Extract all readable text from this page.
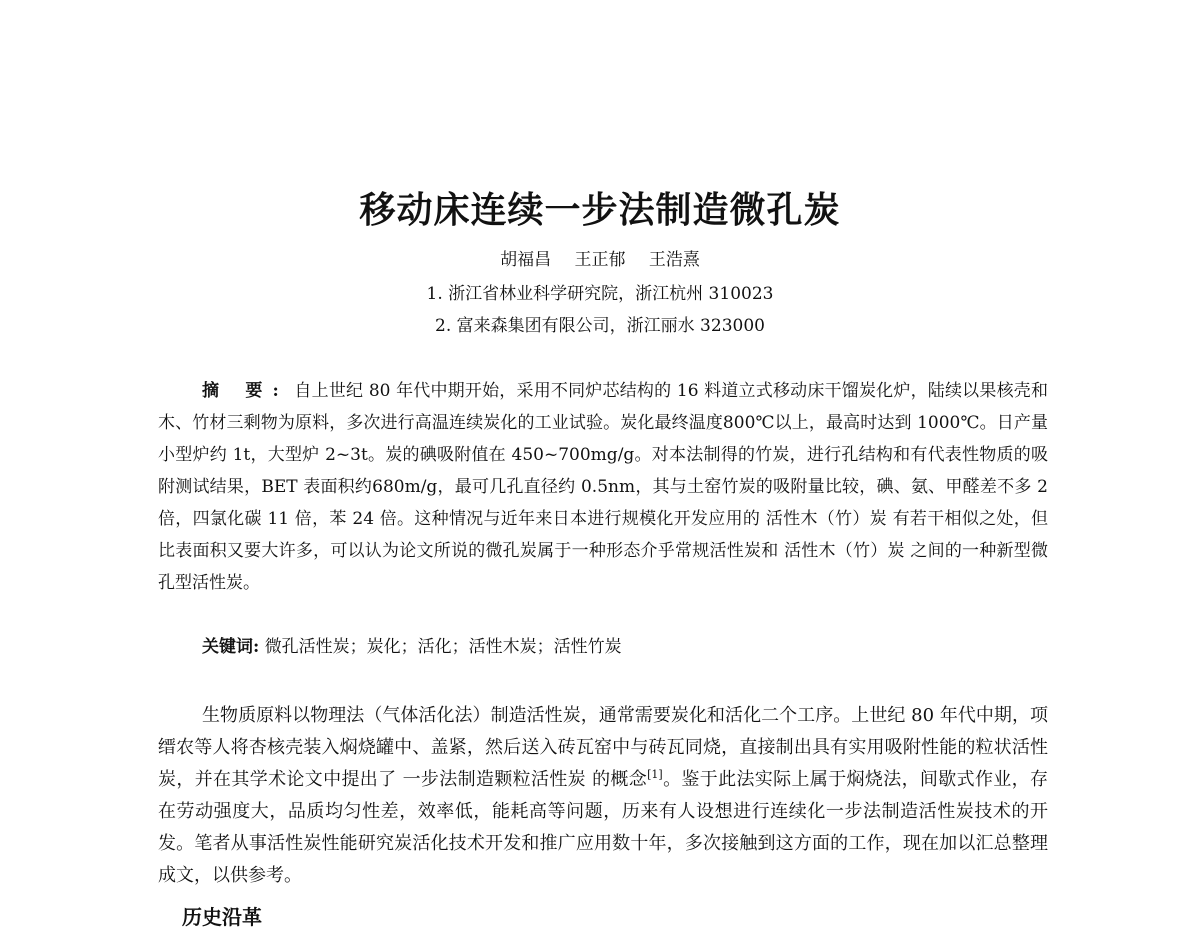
移动床连续一步法制造微孔炭
胡福昌 王正郁 王浩熹
1. 浙江省林业科学研究院，浙江杭州 310023
2. 富来森集团有限公司，浙江丽水 323000
摘 要: 自上世纪 80 年代中期开始，采用不同炉芯结构的 16 料道立式移动床干馏炭化炉，陆续以果核壳和木、竹材三剩物为原料，多次进行高温连续炭化的工业试验。炭化最终温度800℃以上，最高时达到 1000℃。日产量小型炉约 1t，大型炉 2~3t。炭的碘吸附值在 450~700mg/g。对本法制得的竹炭，进行孔结构和有代表性物质的吸附测试结果，BET 表面积约680m/g，最可几孔直径约 0.5nm，其与土窑竹炭的吸附量比较，碘、氨、甲醛差不多 2 倍，四氯化碳 11 倍，苯 24 倍。这种情况与近年来日本进行规模化开发应用的 活性木（竹）炭 有若干相似之处，但比表面积又要大许多，可以认为论文所说的微孔炭属于一种形态介乎常规活性炭和 活性木（竹）炭 之间的一种新型微孔型活性炭。
关键词: 微孔活性炭；炭化；活化；活性木炭；活性竹炭
生物质原料以物理法（气体活化法）制造活性炭，通常需要炭化和活化二个工序。上世纪 80 年代中期，项缙农等人将杏核壳装入焖烧罐中、盖紧，然后送入砖瓦窑中与砖瓦同烧，直接制出具有实用吸附性能的粒状活性炭，并在其学术论文中提出了 一步法制造颗粒活性炭 的概念[1]。鉴于此法实际上属于焖烧法，间歇式作业，存在劳动强度大，品质均匀性差，效率低，能耗高等问题，历来有人设想进行连续化一步法制造活性炭技术的开发。笔者从事活性炭性能研究炭活化技术开发和推广应用数十年，多次接触到这方面的工作，现在加以汇总整理成文，以供参考。
历史沿革
